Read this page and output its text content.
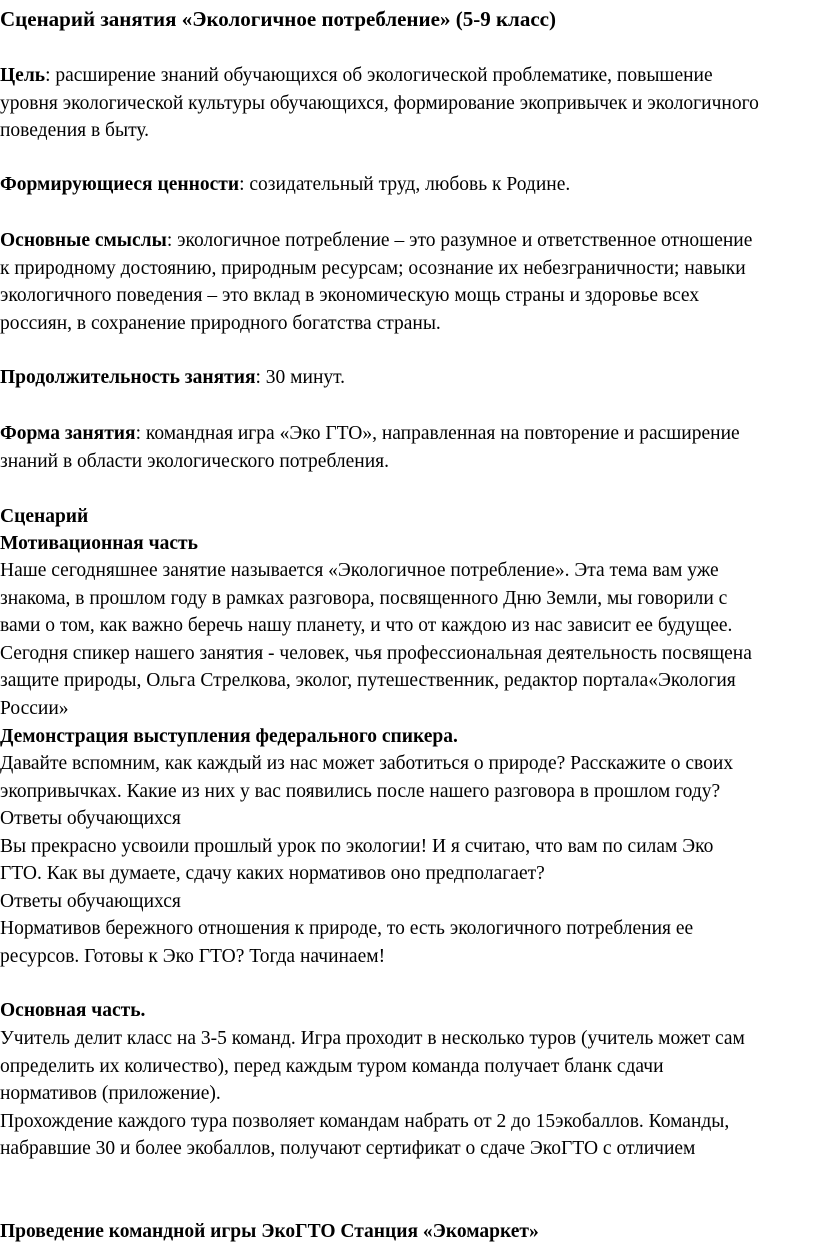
Сценарий занятия «Экологичное потребление» (5-9 класс)

Цель: расширение знаний обучающихся об экологической проблематике, повышение
уровня экологической культуры обучающихся, формирование экопривычек и экологичного
поведения в быту.

Формирующиеся ценности: созидательный труд, любовь к Родине.

Основные смыслы: экологичное потребление – это разумное и ответственное отношение
к природному достоянию, природным ресурсам; осознание их небезграничности; навыки
экологичного поведения – это вклад в экономическую мощь страны и здоровье всех
россиян, в сохранение природного богатства страны.

Продолжительность занятия: 30 минут.

Форма занятия: командная игра «Эко ГТО», направленная на повторение и расширение
знаний в области экологического потребления.

Сценарий
Мотивационная часть

Наше сегодняшнее занятие называется «Экологичное потребление». Эта тема вам уже
знакома, в прошлом году в рамках разговора, посвященного Дню Земли, мы говорили с
вами о том, как важно беречь нашу планету, и что от каждою из нас зависит ее будущее.
Сегодня спикер нашего занятия - человек, чья профессиональная деятельность посвящена
защите природы, Ольга Стрелкова, эколог, путешественник, редактор портала«Экология
России»

Демонстрация выступления федерального спикера.

Давайте вспомним, как каждый из нас может заботиться о природе? Расскажите о своих
экопривычках. Какие из них у вас появились после нашего разговора в прошлом году?
Ответы обучающихся
Вы прекрасно усвоили прошлый урок по экологии! И я считаю, что вам по силам Эко
ГТО. Как вы думаете, сдачу каких нормативов оно предполагает?
Ответы обучающихся
Нормативов бережного отношения к природе, то есть экологичного потребления ее
ресурсов. Готовы к Эко ГТО? Тогда начинаем!

Основная часть.

Учитель делит класс на 3-5 команд. Игра проходит в несколько туров (учитель может сам
определить их количество), перед каждым туром команда получает бланк сдачи
нормативов (приложение).
Прохождение каждого тура позволяет командам набрать от 2 до 15экобаллов. Команды,
набравшие 30 и более экобаллов, получают сертификат о сдаче ЭкоГТО с отличием

Проведение командной игры ЭкоГТО Станция «Экомаркет»
